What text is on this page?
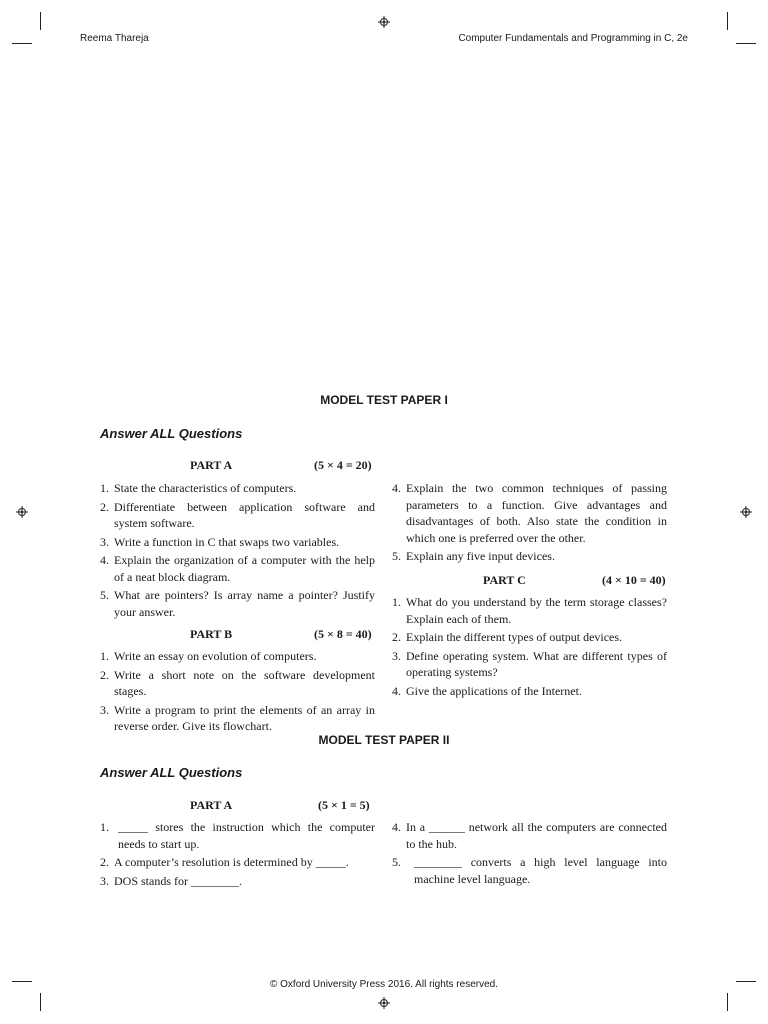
Reema Thareja	Computer Fundamentals and Programming in C, 2e
MODEL TEST PAPER I
Answer ALL Questions
PART A	(5 × 4 = 20)
1. State the characteristics of computers.
2. Differentiate between application software and system software.
3. Write a function in C that swaps two variables.
4. Explain the organization of a computer with the help of a neat block diagram.
5. What are pointers? Is array name a pointer? Justify your answer.
PART B	(5 × 8 = 40)
1. Write an essay on evolution of computers.
2. Write a short note on the software development stages.
3. Write a program to print the elements of an array in reverse order. Give its flowchart.
4. Explain the two common techniques of passing parameters to a function. Give advantages and disadvantages of both. Also state the condition in which one is preferred over the other.
5. Explain any five input devices.
PART C	(4 × 10 = 40)
1. What do you understand by the term storage classes? Explain each of them.
2. Explain the different types of output devices.
3. Define operating system. What are different types of operating systems?
4. Give the applications of the Internet.
MODEL TEST PAPER II
Answer ALL Questions
PART A	(5 × 1 = 5)
1. _____ stores the instruction which the computer needs to start up.
2. A computer’s resolution is determined by _____.
3. DOS stands for ________.
4. In a ______ network all the computers are connected to the hub.
5.	________ converts a high level language into machine level language.
© Oxford University Press 2016. All rights reserved.
